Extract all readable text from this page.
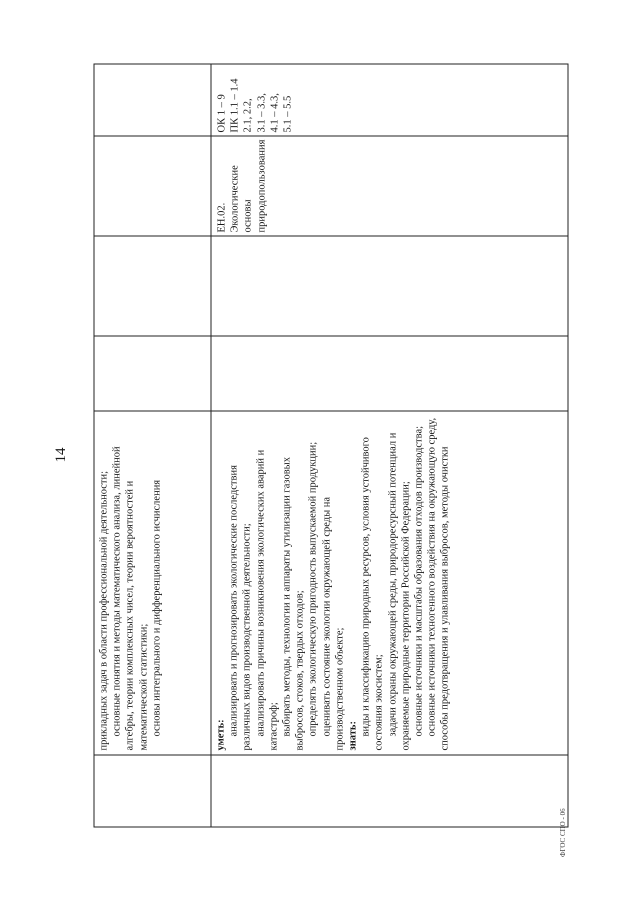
14
ФГОС СПО - 06
прикладных задач в области профессиональной деятельности; основные понятия и методы математического анализа, линейной алгебры, теории комплексных чисел, теории вероятностей и математической статистики; основы интегрального и дифференциального исчисления	уметь: анализировать и прогнозировать экологические последствия различных видов производственной деятельности; анализировать причины возникновения экологических аварий и катастроф; выбирать методы, технологии и аппараты утилизации газовых выбросов, стоков, твердых отходов; определять экологическую пригодность выпускаемой продукции; оценивать состояние экологии окружающей среды на производственном объекте; знать: виды и классификацию природных ресурсов, условия устойчивого состояния экосистем; задачи охраны окружающей среды, природоресурсный потенциал и охраняемые природные территории Российской Федерации; основные источники и масштабы образования отходов производства; основные источники техногенного воздействия на окружающую среду, способы предотвращения и улавливания выбросов, методы очистки
ЕН.02. Экологические основы природопользования
ОК 1 – 9 ПК 1.1 – 1.4 2.1, 2.2, 3.1 – 3.3, 4.1 – 4.3, 5.1 – 5.5
